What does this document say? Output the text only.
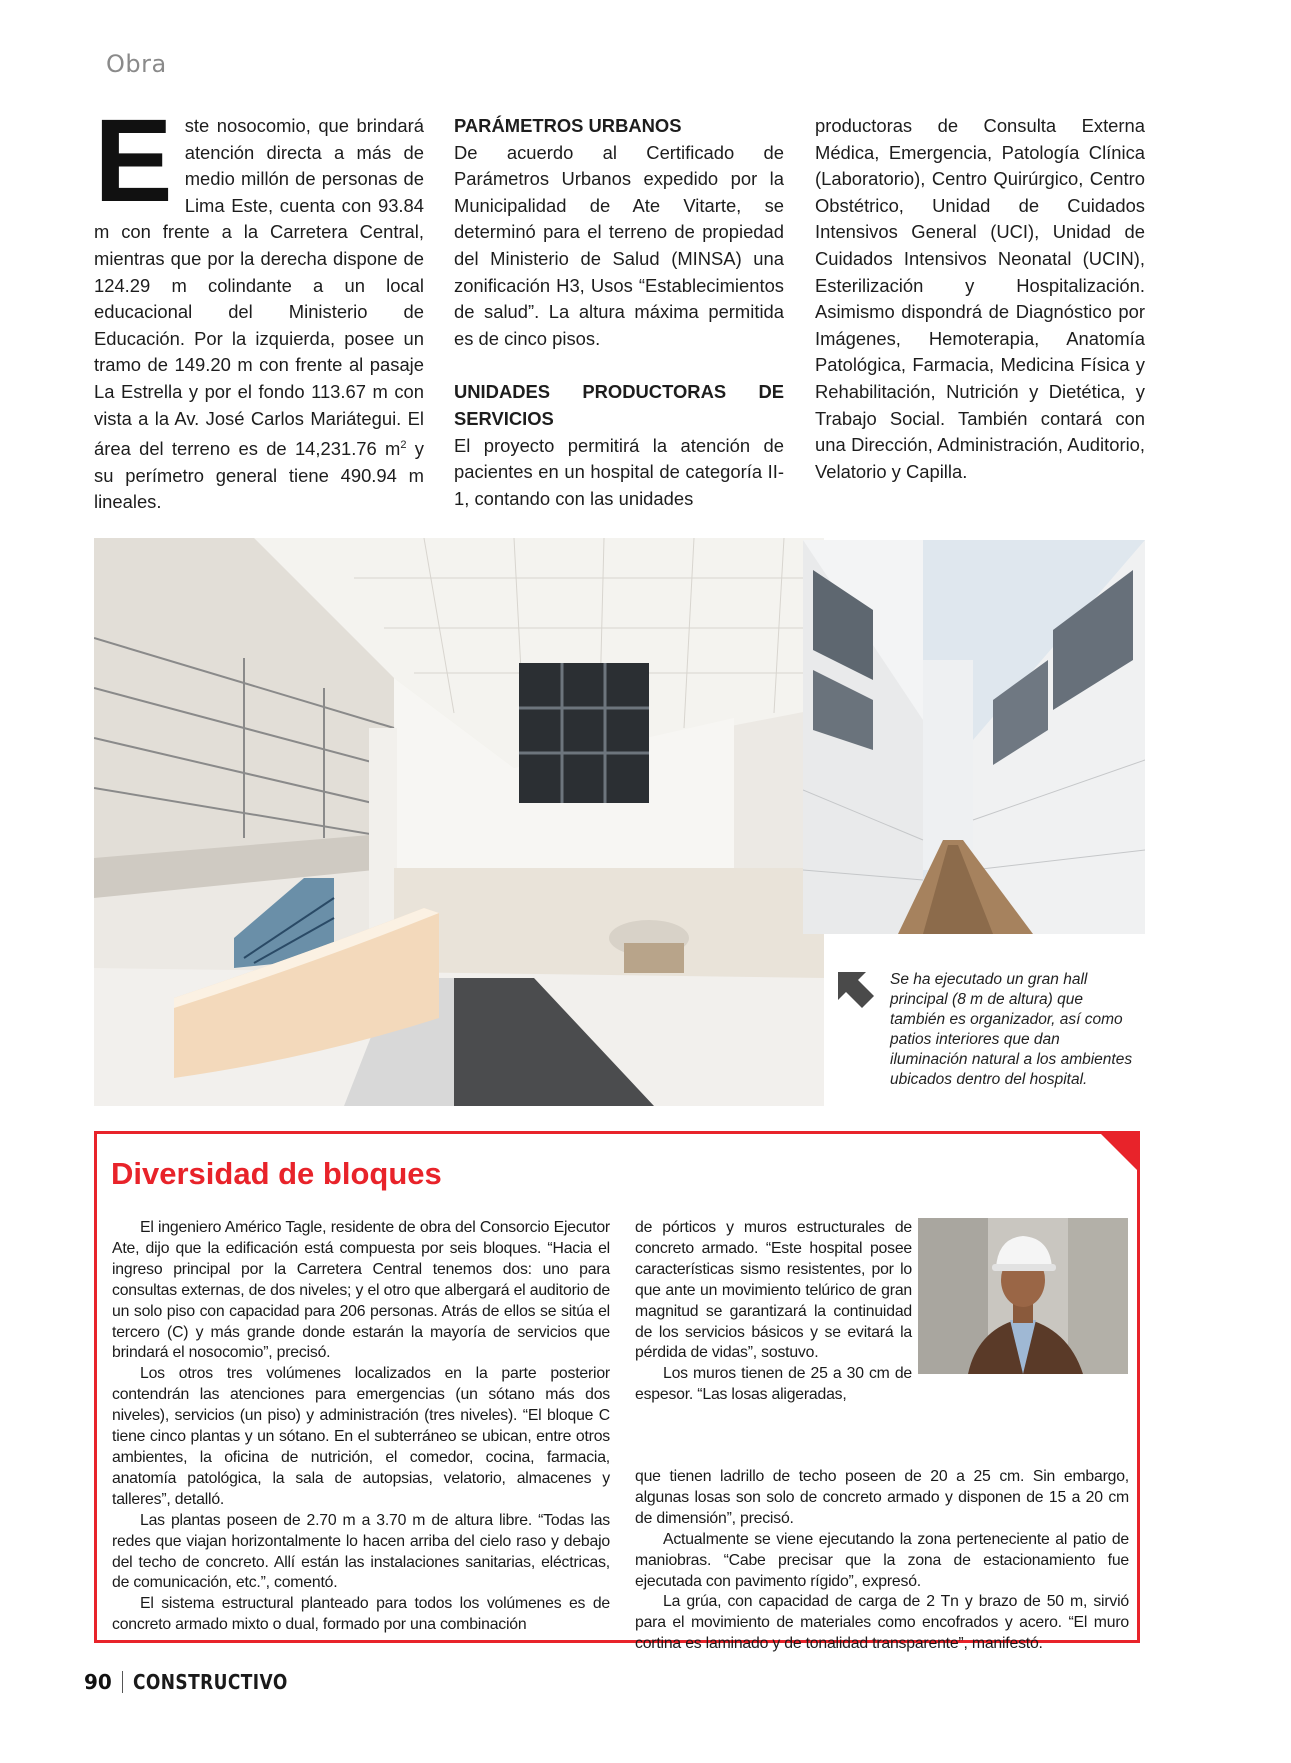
Obra
E ste nosocomio, que brindará atención directa a más de medio millón de personas de Lima Este, cuenta con 93.84 m con frente a la Carretera Central, mientras que por la derecha dispone de 124.29 m colindante a un local educacional del Ministerio de Educación. Por la izquierda, posee un tramo de 149.20 m con frente al pasaje La Estrella y por el fondo 113.67 m con vista a la Av. José Carlos Mariátegui. El área del terreno es de 14,231.76 $m^2$ y su perímetro general tiene 490.94 m lineales.

PARÁMETROS URBANOS

De acuerdo al Certificado de Parámetros Urbanos expedido por la Municipalidad de Ate Vitarte, se determinó para el terreno de propiedad del Ministerio de Salud (MINSA) una zonificación H3, Usos “Establecimientos de salud”. La altura máxima permitida es de cinco pisos.

UNIDADES PRODUCTORAS DE SERVICIOS

El proyecto permitirá la atención de pacientes en un hospital de categoría II-1, contando con las unidades

productoras de Consulta Externa Médica, Emergencia, Patología Clínica (Laboratorio), Centro Quirúrgico, Centro Obstétrico, Unidad de Cuidados Intensivos General (UCI), Unidad de Cuidados Intensivos Neonatal (UCIN), Esterilización y Hospitalización. Asimismo dispondrá de Diagnóstico por Imágenes, Hemoterapia, Anatomía Patológica, Farmacia, Medicina Física y Rehabilitación, Nutrición y Dietética, y Trabajo Social. También contará con una Dirección, Administración, Auditorio, Velatorio y Capilla.

Se ha ejecutado un gran hall principal (8 m de altura) que también es organizador, así como patios interiores que dan iluminación natural a los ambientes ubicados dentro del hospital.
Diversidad de bloques

El ingeniero Américo Tagle, residente de obra del Consorcio Ejecutor Ate, dijo que la edificación está compuesta por seis bloques. “Hacia el ingreso principal por la Carretera Central tenemos dos: uno para consultas externas, de dos niveles; y el otro que albergará el auditorio de un solo piso con capacidad para 206 personas. Atrás de ellos se sitúa el tercero (C) y más grande donde estarán la mayoría de servicios que brindará el nosocomio”, precisó.

Los otros tres volúmenes localizados en la parte posterior contendrán las atenciones para emergencias (un sótano más dos niveles), servicios (un piso) y administración (tres niveles). “El bloque C tiene cinco plantas y un sótano. En el subterráneo se ubican, entre otros ambientes, la oficina de nutrición, el comedor, cocina, farmacia, anatomía patológica, la sala de autopsias, velatorio, almacenes y talleres”, detalló.

Las plantas poseen de 2.70 m a 3.70 m de altura libre. “Todas las redes que viajan horizontalmente lo hacen arriba del cielo raso y debajo del techo de concreto. Allí están las instalaciones sanitarias, eléctricas, de comunicación, etc.”, comentó.

El sistema estructural planteado para todos los volúmenes es de concreto armado mixto o dual, formado por una combinación

de pórticos y muros estructurales de concreto armado. “Este hospital posee características sismo resistentes, por lo que ante un movimiento telúrico de gran magnitud se garantizará la continuidad de los servicios básicos y se evitará la pérdida de vidas”, sostuvo.

Los muros tienen de 25 a 30 cm de espesor. “Las losas aligeradas,

que tienen ladrillo de techo poseen de 20 a 25 cm. Sin embargo, algunas losas son solo de concreto armado y disponen de 15 a 20 cm de dimensión”, precisó.

Actualmente se viene ejecutando la zona perteneciente al patio de maniobras. “Cabe precisar que la zona de estacionamiento fue ejecutada con pavimento rígido”, expresó.

La grúa, con capacidad de carga de 2 Tn y brazo de 50 m, sirvió para el movimiento de materiales como encofrados y acero. “El muro cortina es laminado y de tonalidad transparente”, manifestó.

90 CONSTRUCTIVO
